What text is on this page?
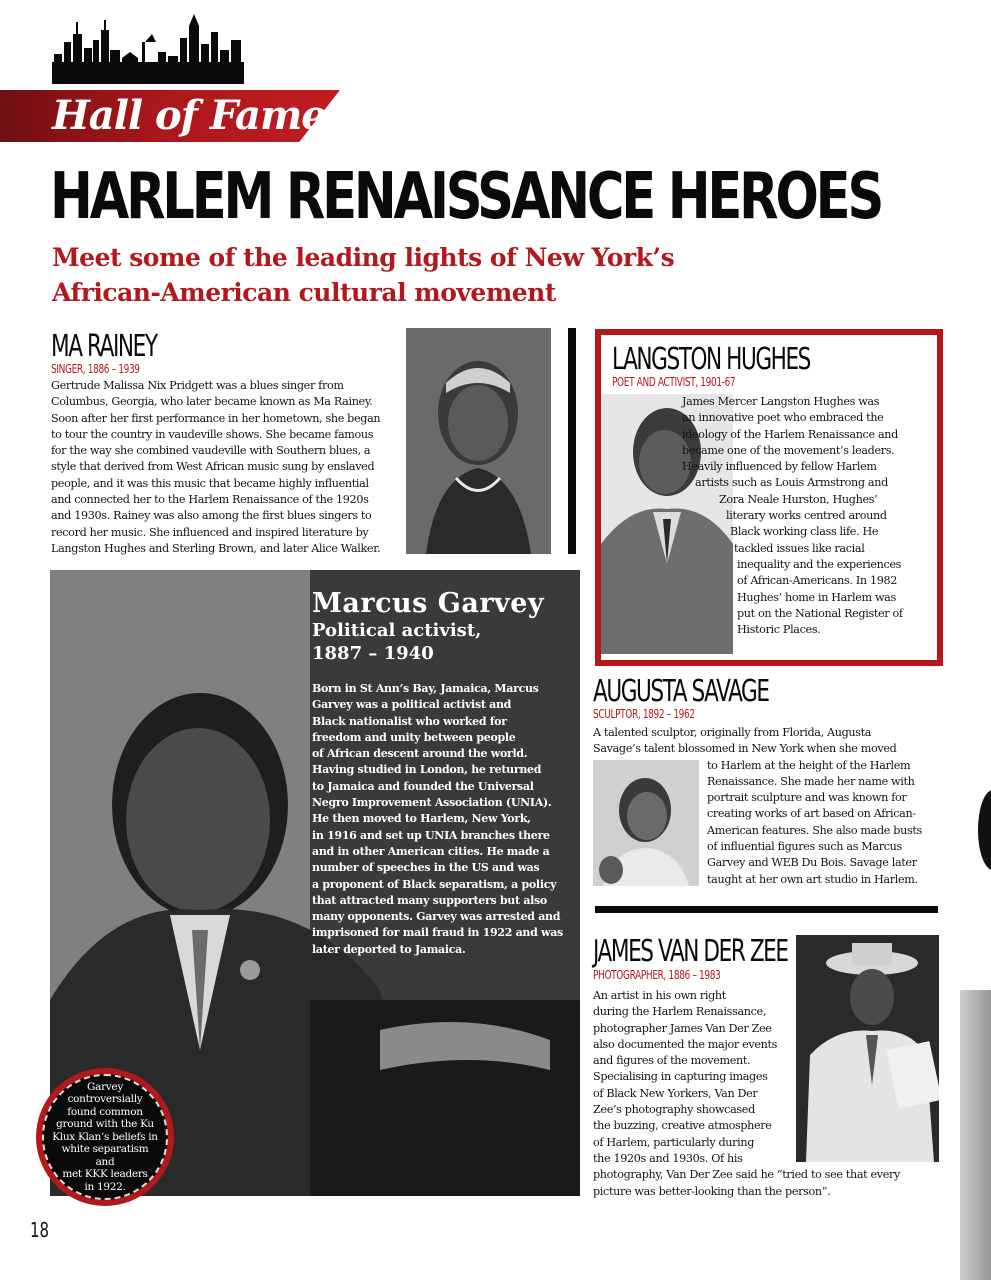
Hall of Fame
HARLEM RENAISSANCE HEROES
Meet some of the leading lights of New York’s
African-American cultural movement
MA RAINEY
SINGER, 1886 – 1939
Gertrude Malissa Nix Pridgett was a blues singer from
Columbus, Georgia, who later became known as Ma Rainey.
Soon after her first performance in her hometown, she began
to tour the country in vaudeville shows. She became famous
for the way she combined vaudeville with Southern blues, a
style that derived from West African music sung by enslaved
people, and it was this music that became highly influential
and connected her to the Harlem Renaissance of the 1920s
and 1930s. Rainey was also among the first blues singers to
record her music. She influenced and inspired literature by
Langston Hughes and Sterling Brown, and later Alice Walker.
LANGSTON HUGHES
POET AND ACTIVIST, 1901-67
James Mercer Langston Hughes was
an innovative poet who embraced the
ideology of the Harlem Renaissance and
became one of the movement’s leaders.
Heavily influenced by fellow Harlem
artists such as Louis Armstrong and
Zora Neale Hurston, Hughes’
literary works centred around
Black working class life. He
tackled issues like racial
inequality and the experiences
of African-Americans. In 1982
Hughes’ home in Harlem was
put on the National Register of
Historic Places.
Marcus Garvey
Political activist,
1887 – 1940
Born in St Ann’s Bay, Jamaica, Marcus
Garvey was a political activist and
Black nationalist who worked for
freedom and unity between people
of African descent around the world.
Having studied in London, he returned
to Jamaica and founded the Universal
Negro Improvement Association (UNIA).
He then moved to Harlem, New York,
in 1916 and set up UNIA branches there
and in other American cities. He made a
number of speeches in the US and was
a proponent of Black separatism, a policy
that attracted many supporters but also
many opponents. Garvey was arrested and
imprisoned for mail fraud in 1922 and was
later deported to Jamaica.
Garvey
controversially
found common
ground with the Ku
Klux Klan’s beliefs in
white separatism and
met KKK leaders
in 1922.
AUGUSTA SAVAGE
SCULPTOR, 1892 – 1962
A talented sculptor, originally from Florida, Augusta
Savage’s talent blossomed in New York when she moved
to Harlem at the height of the Harlem
Renaissance. She made her name with
portrait sculpture and was known for
creating works of art based on African-
American features. She also made busts
of influential figures such as Marcus
Garvey and WEB Du Bois. Savage later
taught at her own art studio in Harlem.
JAMES VAN DER ZEE
PHOTOGRAPHER, 1886 – 1983
An artist in his own right
during the Harlem Renaissance,
photographer James Van Der Zee
also documented the major events
and figures of the movement.
Specialising in capturing images
of Black New Yorkers, Van Der
Zee’s photography showcased
the buzzing, creative atmosphere
of Harlem, particularly during
the 1920s and 1930s. Of his
photography, Van Der Zee said he “tried to see that every
picture was better-looking than the person”.
18
